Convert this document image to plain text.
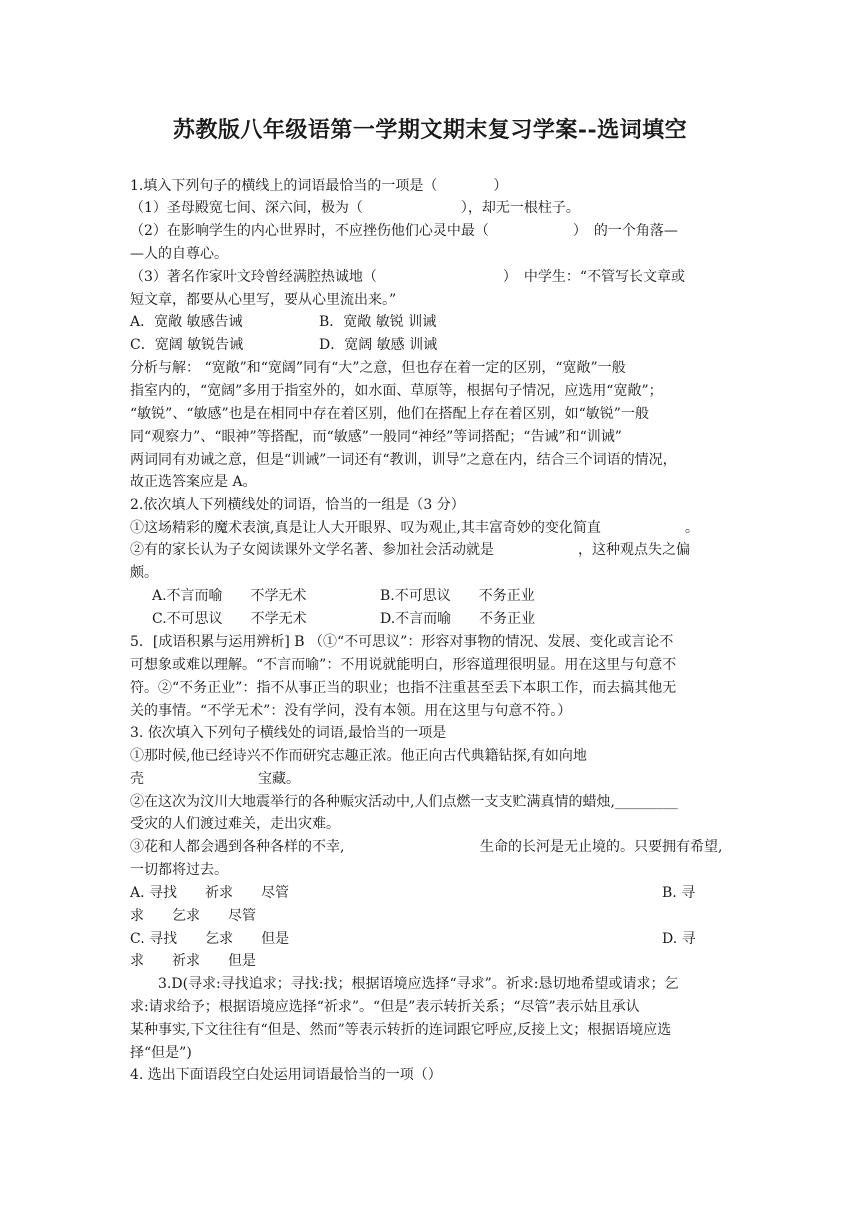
苏教版八年级语第一学期文期末复习学案--选词填空
1.填入下列句子的横线上的词语最恰当的一项是（　　　　）
（1）圣母殿宽七间、深六间，极为（　　　　　　　），却无一根柱子。
（2）在影响学生的内心世界时，不应挫伤他们心灵中最（　　　　　　）　的一个角落—
—人的自尊心。
（3）著名作家叶文玲曾经满腔热诚地（　　　　　　　　　）　中学生：“不管写长文章或
短文章，都要从心里写，要从心里流出来。”
A．宽敞 敏感告诫	B．宽敞 敏锐 训诫
C．宽阔 敏锐告诫	D．宽阔 敏感 训诫
分析与解： “宽敞”和“宽阔”同有“大”之意，但也存在着一定的区别，“宽敞”一般
指室内的，“宽阔”多用于指室外的，如水面、草原等，根据句子情况，应选用“宽敞”；
“敏锐”、“敏感”也是在相同中存在着区别，他们在搭配上存在着区别，如“敏锐”一般
同“观察力”、“眼神”等搭配，而“敏感”一般同“神经”等词搭配；“告诫”和“训诫”
两词同有劝诫之意，但是“训诫”一词还有“教训，训导”之意在内，结合三个词语的情况，
故正选答案应是 A。
2.依次填人下列横线处的词语，恰当的一组是（3 分）
①这场精彩的魔术表演,真是让人大开眼界、叹为观止,其丰富奇妙的变化简直　　　　　　。
②有的家长认为子女阅读课外文学名著、参加社会活动就是　　　　　　，这种观点失之偏
颇。
A.不言而喻　　不学无术	B.不可思议　　不务正业
C.不可思议　　不学无术	D.不言而喻　　不务正业
5．[成语积累与运用辨析] B （①“不可思议”：形容对事物的情况、发展、变化或言论不
可想象或难以理解。“不言而喻”：不用说就能明白，形容道理很明显。用在这里与句意不
符。②“不务正业”：指不从事正当的职业；也指不注重甚至丢下本职工作，而去搞其他无
关的事情。“不学无术”：没有学问，没有本领。用在这里与句意不符。）
3. 依次填入下列句子横线处的词语,最恰当的一项是
①那时候,他已经诗兴不作而研究志趣正浓。他正向古代典籍钻探,有如向地
壳	宝藏。
②在这次为汶川大地震举行的各种赈灾活动中,人们点燃一支支贮满真情的蜡烛,_________
受灾的人们渡过难关，走出灾难。
③花和人都会遇到各种各样的不幸,	生命的长河是无止境的。只要拥有希望,
一切都将过去。
A. 寻找　　祈求　　尽管	B. 寻
求　　乞求　　尽管
C. 寻找　　乞求　　但是	D. 寻
求　　祈求　　但是
　　3.D(寻求:寻找追求；寻找:找；根据语境应选择“寻求”。祈求:恳切地希望或请求；乞
求:请求给予；根据语境应选择“祈求”。“但是”表示转折关系；“尽管”表示姑且承认
某种事实,下文往往有“但是、然而”等表示转折的连词跟它呼应,反接上文；根据语境应选
择“但是”)
4. 选出下面语段空白处运用词语最恰当的一项（）
